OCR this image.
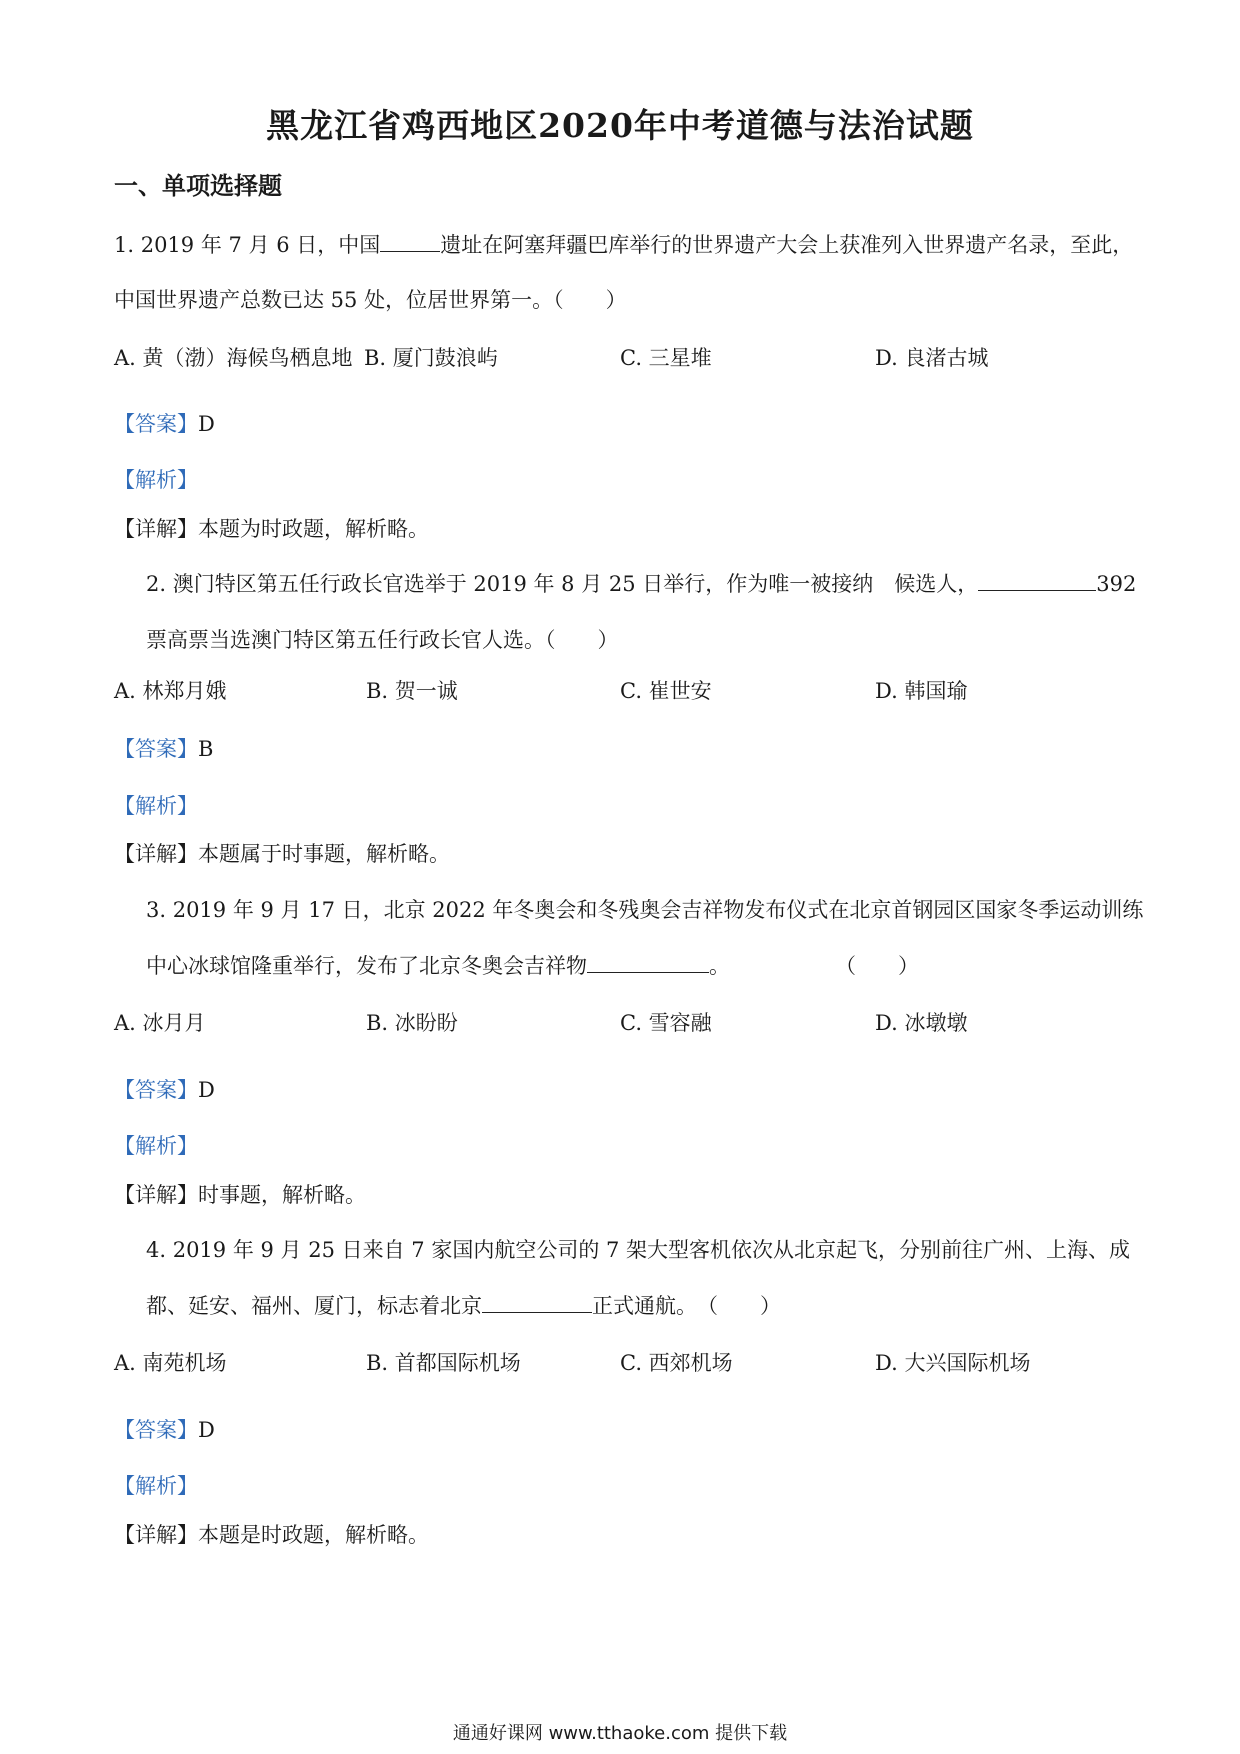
黑龙江省鸡西地区2020年中考道德与法治试题
一、单项选择题
1. 2019 年 7 月 6 日，中国	遗址在阿塞拜疆巴库举行的世界遗产大会上获准列入世界遗产名录，至此，
中国世界遗产总数已达 55 处，位居世界第一。（　　）
A. 黄（渤）海候鸟栖息地 B. 厦门鼓浪屿	C. 三星堆	D. 良渚古城
【答案】D
【解析】
【详解】本题为时政题，解析略。
2. 澳门特区第五任行政长官选举于 2019 年 8 月 25 日举行，作为唯一被接纳　候选人，	392
票高票当选澳门特区第五任行政长官人选。（　　）
A. 林郑月娥	B. 贺一诚	C. 崔世安	D. 韩国瑜
【答案】B
【解析】
【详解】本题属于时事题，解析略。
3. 2019 年 9 月 17 日，北京 2022 年冬奥会和冬残奥会吉祥物发布仪式在北京首钢园区国家冬季运动训练
中心冰球馆隆重举行，发布了北京冬奥会吉祥物	。　　　　　　（　　）
A. 冰月月	B. 冰盼盼	C. 雪容融	D. 冰墩墩
【答案】D
【解析】
【详解】时事题，解析略。
4. 2019 年 9 月 25 日来自 7 家国内航空公司的 7 架大型客机依次从北京起飞，分别前往广州、上海、成
都、延安、福州、厦门，标志着北京	正式通航。　（　　）
A. 南苑机场	B. 首都国际机场	C. 西郊机场	D. 大兴国际机场
【答案】D
【解析】
【详解】本题是时政题，解析略。
通通好课网 www.tthaoke.com 提供下载
